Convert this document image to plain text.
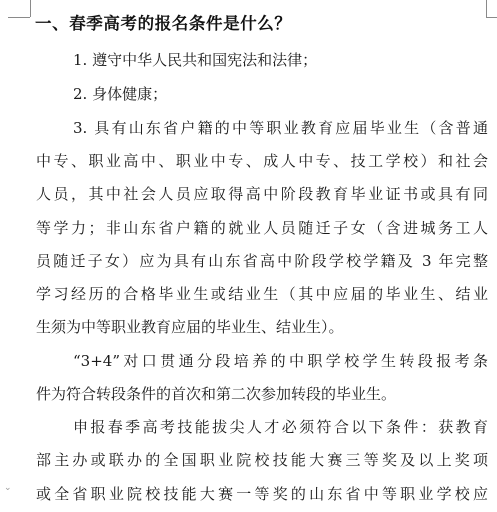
⌄
一、春季高考的报名条件是什么？
1. 遵守中华人民共和国宪法和法律；
2. 身体健康；
3. 具有山东省户籍的中等职业教育应届毕业生（含普通
中专、职业高中、职业中专、成人中专、技工学校）和社会
人员，其中社会人员应取得高中阶段教育毕业证书或具有同
等学力；非山东省户籍的就业人员随迁子女（含进城务工人
员随迁子女）应为具有山东省高中阶段学校学籍及 3 年完整
学习经历的合格毕业生或结业生（其中应届的毕业生、结业
生须为中等职业教育应届的毕业生、结业生）。
“3+4”对口贯通分段培养的中职学校学生转段报考条
件为符合转段条件的首次和第二次参加转段的毕业生。
申报春季高考技能拔尖人才必须符合以下条件：获教育
部主办或联办的全国职业院校技能大赛三等奖及以上奖项
或全省职业院校技能大赛一等奖的山东省中等职业学校应
